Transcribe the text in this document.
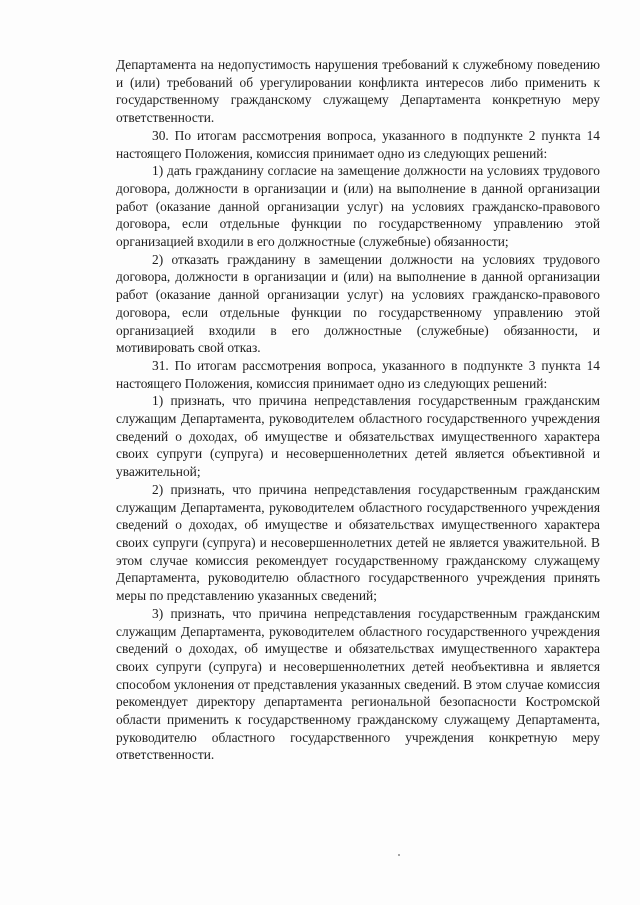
Департамента на недопустимость нарушения требований к служебному поведению и (или) требований об урегулировании конфликта интересов либо применить к государственному гражданскому служащему Департамента конкретную меру ответственности.

30. По итогам рассмотрения вопроса, указанного в подпункте 2 пункта 14 настоящего Положения, комиссия принимает одно из следующих решений:

1) дать гражданину согласие на замещение должности на условиях трудового договора, должности в организации и (или) на выполнение в данной организации работ (оказание данной организации услуг) на условиях гражданско-правового договора, если отдельные функции по государственному управлению этой организацией входили в его должностные (служебные) обязанности;

2) отказать гражданину в замещении должности на условиях трудового договора, должности в организации и (или) на выполнение в данной организации работ (оказание данной организации услуг) на условиях гражданско-правового договора, если отдельные функции по государственному управлению этой организацией входили в его должностные (служебные) обязанности, и мотивировать свой отказ.

31. По итогам рассмотрения вопроса, указанного в подпункте 3 пункта 14 настоящего Положения, комиссия принимает одно из следующих решений:

1) признать, что причина непредставления государственным гражданским служащим Департамента, руководителем областного государственного учреждения сведений о доходах, об имуществе и обязательствах имущественного характера своих супруги (супруга) и несовершеннолетних детей является объективной и уважительной;

2) признать, что причина непредставления государственным гражданским служащим Департамента, руководителем областного государственного учреждения сведений о доходах, об имуществе и обязательствах имущественного характера своих супруги (супруга) и несовершеннолетних детей не является уважительной. В этом случае комиссия рекомендует государственному гражданскому служащему Департамента, руководителю областного государственного учреждения принять меры по представлению указанных сведений;

3) признать, что причина непредставления государственным гражданским служащим Департамента, руководителем областного государственного учреждения сведений о доходах, об имуществе и обязательствах имущественного характера своих супруги (супруга) и несовершеннолетних детей необъективна и является способом уклонения от представления указанных сведений. В этом случае комиссия рекомендует директору департамента региональной безопасности Костромской области применить к государственному гражданскому служащему Департамента, руководителю областного государственного учреждения конкретную меру ответственности.
